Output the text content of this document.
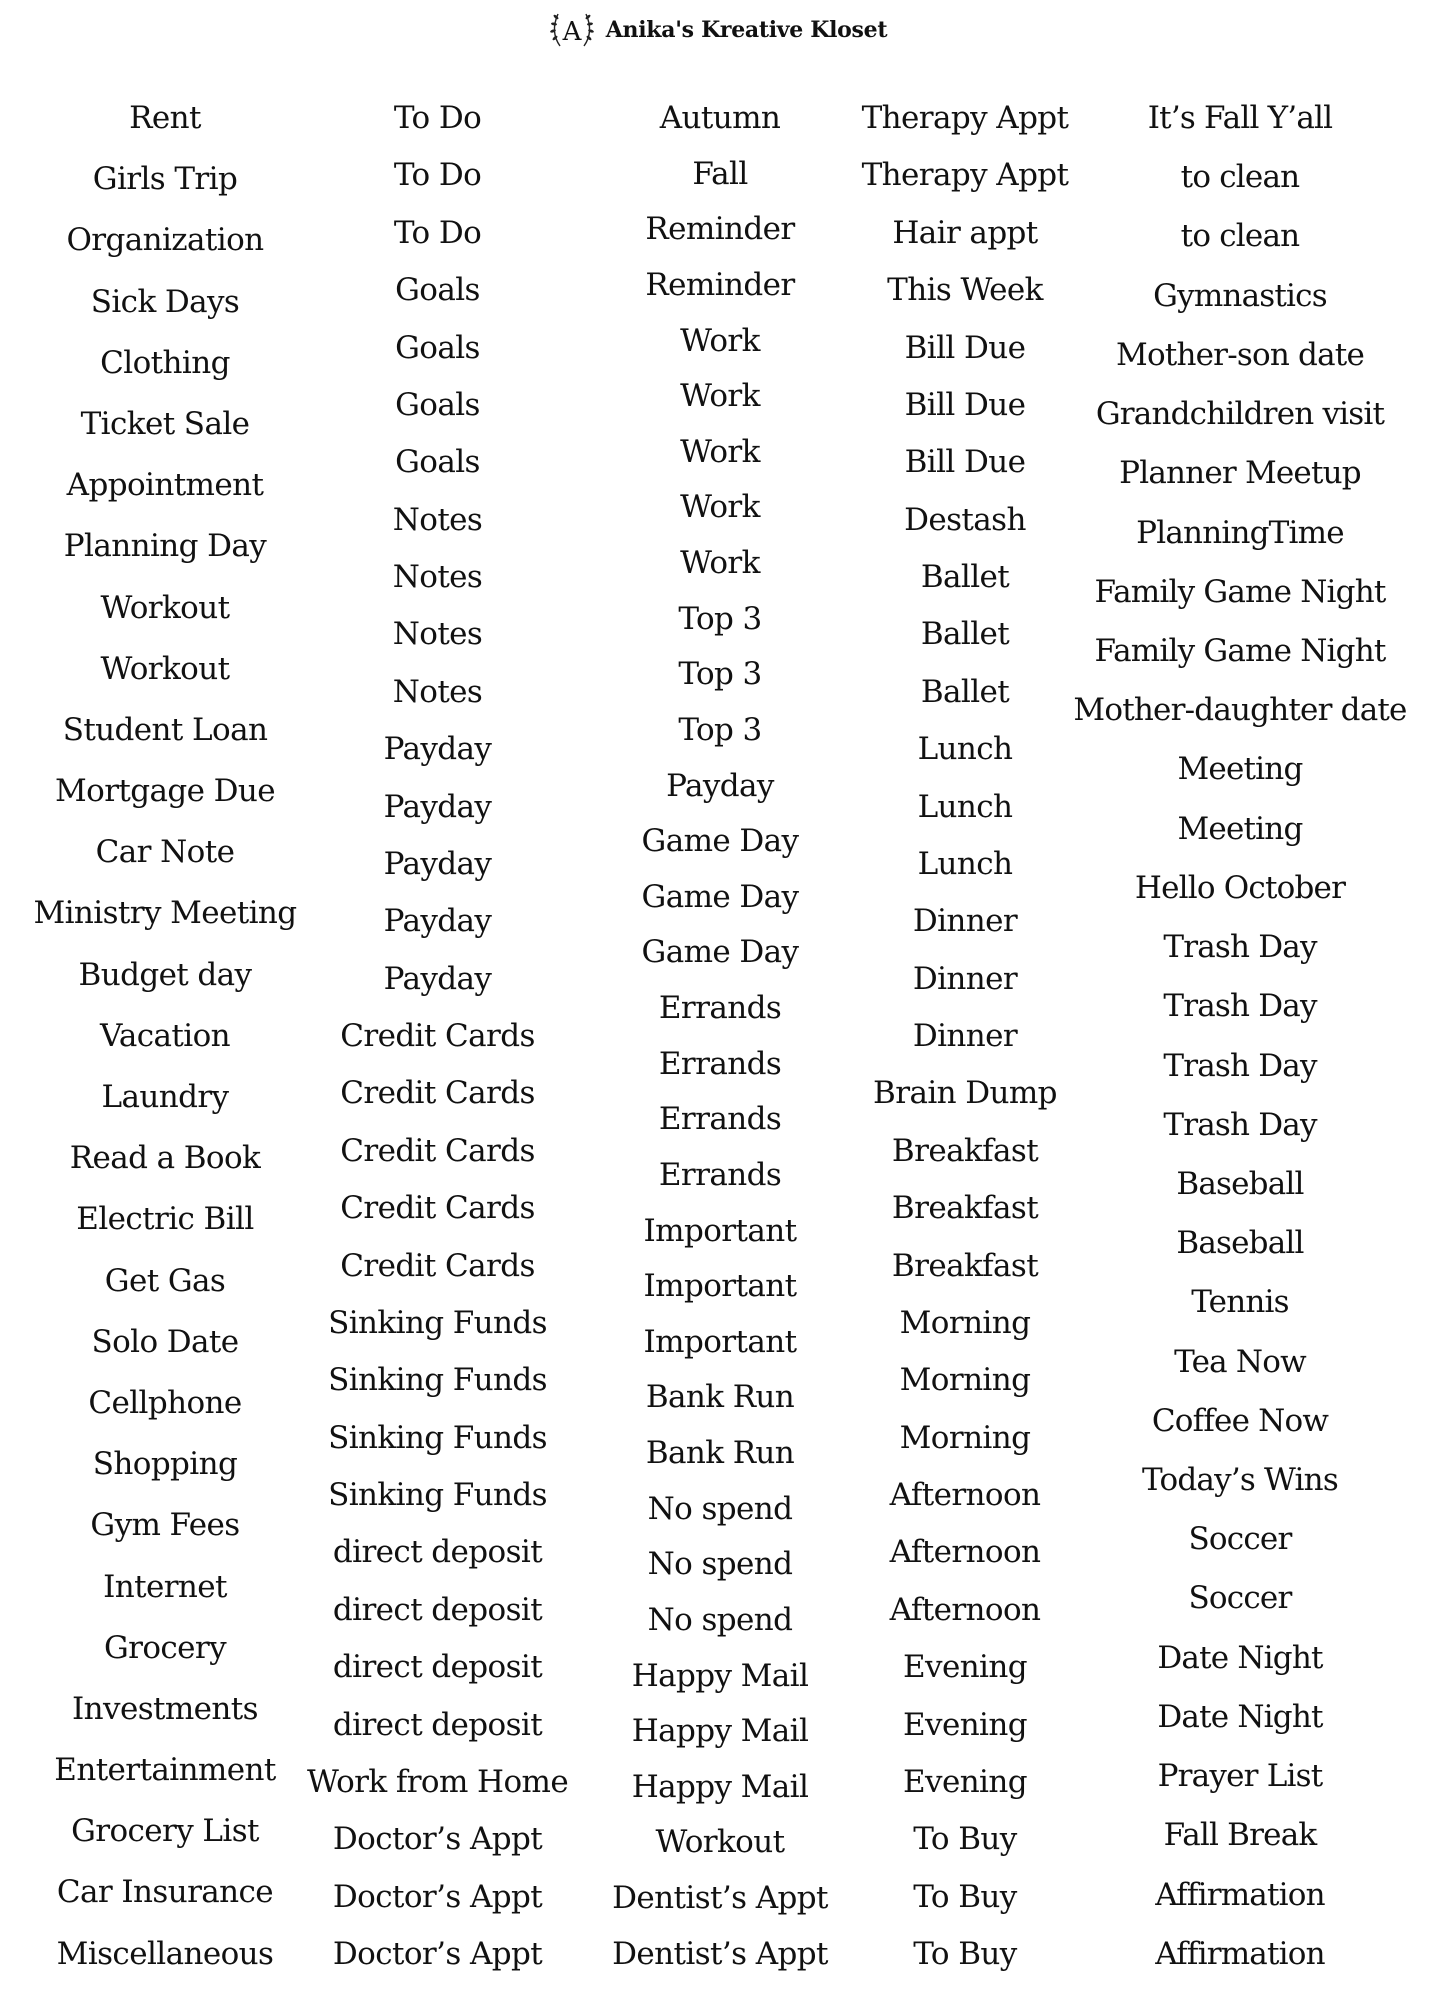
A Anika's Kreative Kloset
Rent
Girls Trip
Organization
Sick Days
Clothing
Ticket Sale
Appointment
Planning Day
Workout
Workout
Student Loan
Mortgage Due
Car Note
Ministry Meeting
Budget day
Vacation
Laundry
Read a Book
Electric Bill
Get Gas
Solo Date
Cellphone
Shopping
Gym Fees
Internet
Grocery
Investments
Entertainment
Grocery List
Car Insurance
Miscellaneous
To Do
To Do
To Do
Goals
Goals
Goals
Goals
Notes
Notes
Notes
Notes
Payday
Payday
Payday
Payday
Payday
Credit Cards
Credit Cards
Credit Cards
Credit Cards
Credit Cards
Sinking Funds
Sinking Funds
Sinking Funds
Sinking Funds
direct deposit
direct deposit
direct deposit
direct deposit
Work from Home
Doctor’s Appt
Doctor’s Appt
Doctor’s Appt
Autumn
Fall
Reminder
Reminder
Work
Work
Work
Work
Work
Top 3
Top 3
Top 3
Payday
Game Day
Game Day
Game Day
Errands
Errands
Errands
Errands
Important
Important
Important
Bank Run
Bank Run
No spend
No spend
No spend
Happy Mail
Happy Mail
Happy Mail
Workout
Dentist’s Appt
Dentist’s Appt
Therapy Appt
Therapy Appt
Hair appt
This Week
Bill Due
Bill Due
Bill Due
Destash
Ballet
Ballet
Ballet
Lunch
Lunch
Lunch
Dinner
Dinner
Dinner
Brain Dump
Breakfast
Breakfast
Breakfast
Morning
Morning
Morning
Afternoon
Afternoon
Afternoon
Evening
Evening
Evening
To Buy
To Buy
To Buy
It’s Fall Y’all
to clean
to clean
Gymnastics
Mother-son date
Grandchildren visit
Planner Meetup
PlanningTime
Family Game Night
Family Game Night
Mother-daughter date
Meeting
Meeting
Hello October
Trash Day
Trash Day
Trash Day
Trash Day
Baseball
Baseball
Tennis
Tea Now
Coffee Now
Today’s Wins
Soccer
Soccer
Date Night
Date Night
Prayer List
Fall Break
Affirmation
Affirmation
